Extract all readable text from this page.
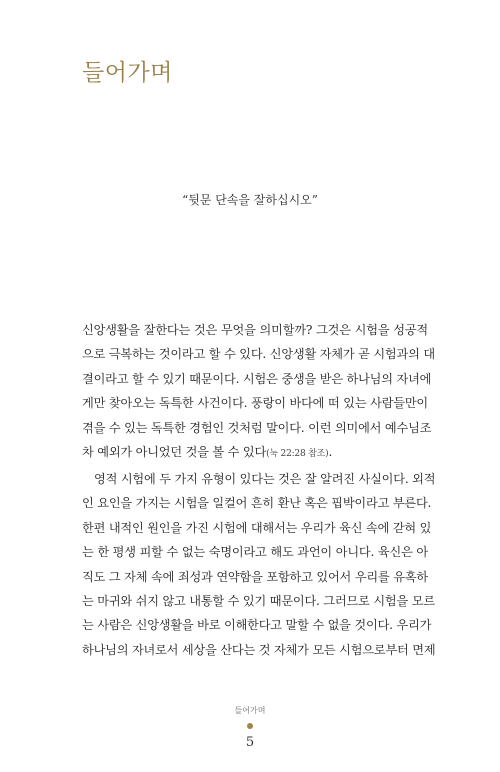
들어가며

“뒷문 단속을 잘하십시오”

신앙생활을 잘한다는 것은 무엇을 의미할까? 그것은 시험을 성공적
으로 극복하는 것이라고 할 수 있다. 신앙생활 자체가 곧 시험과의 대
결이라고 할 수 있기 때문이다. 시험은 중생을 받은 하나님의 자녀에
게만 찾아오는 독특한 사건이다. 풍랑이 바다에 떠 있는 사람들만이
겪을 수 있는 독특한 경험인 것처럼 말이다. 이런 의미에서 예수님조
차 예외가 아니었던 것을 볼 수 있다(눅 22:28 참조).

영적 시험에 두 가지 유형이 있다는 것은 잘 알려진 사실이다. 외적
인 요인을 가지는 시험을 일컬어 흔히 환난 혹은 핍박이라고 부른다.
한편 내적인 원인을 가진 시험에 대해서는 우리가 육신 속에 갇혀 있
는 한 평생 피할 수 없는 숙명이라고 해도 과언이 아니다. 육신은 아
직도 그 자체 속에 죄성과 연약함을 포함하고 있어서 우리를 유혹하
는 마귀와 쉬지 않고 내통할 수 있기 때문이다. 그러므로 시험을 모르
는 사람은 신앙생활을 바로 이해한다고 말할 수 없을 것이다. 우리가
하나님의 자녀로서 세상을 산다는 것 자체가 모든 시험으로부터 면제

들어가며

5
